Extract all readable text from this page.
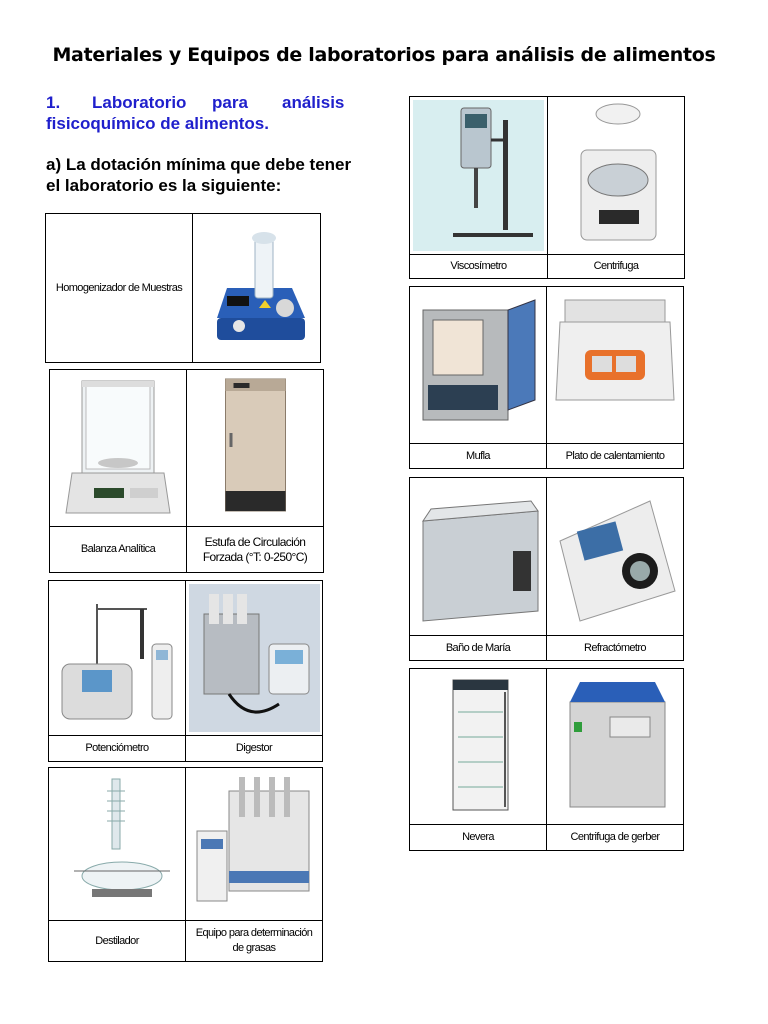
Materiales y Equipos de laboratorios para análisis de alimentos
1. Laboratorio para análisis
fisicoquímico de alimentos.
a) La dotación mínima que debe tener el laboratorio es la siguiente:
Homogenizador de Muestras
Balanza Analítica
Estufa de Circulación Forzada (°T: 0-250°C)
Potenciómetro	Digestor
Destilador
Equipo para determinación de grasas
Viscosímetro	Centrifuga
Mufla	Plato de calentamiento
Baño de María	Refractómetro
Nevera	Centrifuga de gerber
